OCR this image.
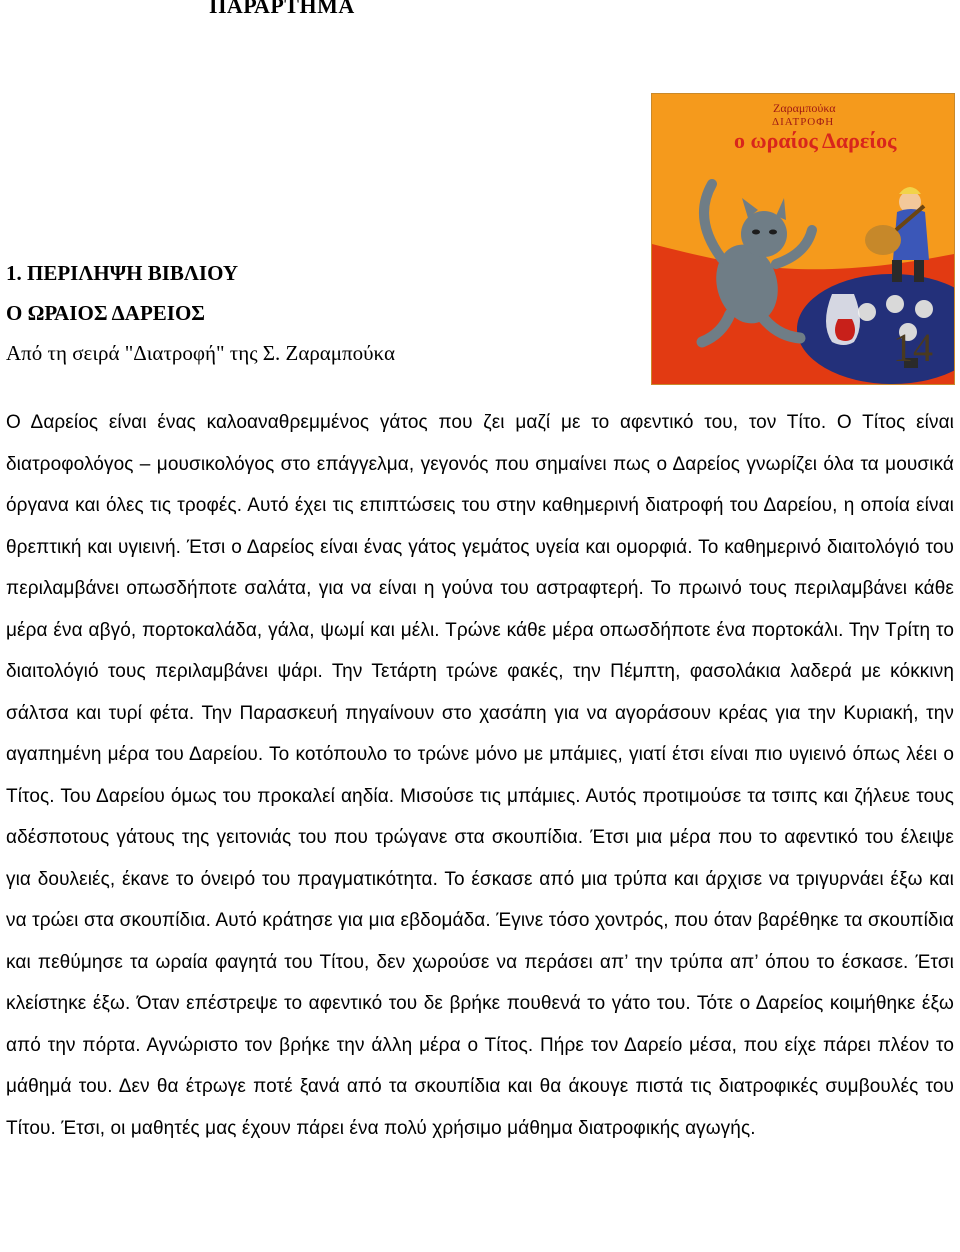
ΠΑΡΑΡΤΗΜΑ
1. ΠΕΡΙΛΗΨΗ ΒΙΒΛΙΟΥ
Ο ΩΡΑΙΟΣ ΔΑΡΕΙΟΣ

Από τη σειρά "Διατροφή" της Σ. Ζαραμπούκα

Ζαραμπούκα
ΔΙΑΤΡΟΦΗ
ο ωραίος Δαρείος
14

Ο Δαρείος είναι ένας καλοαναθρεμμένος γάτος που ζει μαζί με το αφεντικό του, τον Τίτο. Ο Τίτος είναι διατροφολόγος – μουσικολόγος στο επάγγελμα, γεγονός που σημαίνει πως ο Δαρείος γνωρίζει όλα τα μουσικά όργανα και όλες τις τροφές. Αυτό έχει τις επιπτώσεις του στην καθημερινή διατροφή του Δαρείου, η οποία είναι θρεπτική και υγιεινή. Έτσι ο Δαρείος είναι ένας γάτος γεμάτος υγεία και ομορφιά. Το καθημερινό διαιτολόγιό του περιλαμβάνει οπωσδήποτε σαλάτα, για να είναι η γούνα του αστραφτερή. Το πρωινό τους περιλαμβάνει κάθε μέρα ένα αβγό, πορτοκαλάδα, γάλα, ψωμί και μέλι. Τρώνε κάθε μέρα οπωσδήποτε ένα πορτοκάλι. Την Τρίτη το διαιτολόγιό τους περιλαμβάνει ψάρι. Την Τετάρτη τρώνε φακές, την Πέμπτη, φασολάκια λαδερά με κόκκινη σάλτσα και τυρί φέτα. Την Παρασκευή πηγαίνουν στο χασάπη για να αγοράσουν κρέας για την Κυριακή, την αγαπημένη μέρα του Δαρείου. Το κοτόπουλο το τρώνε μόνο με μπάμιες, γιατί έτσι είναι πιο υγιεινό όπως λέει ο Τίτος. Του Δαρείου όμως του προκαλεί αηδία. Μισούσε τις μπάμιες. Αυτός προτιμούσε τα τσιπς και ζήλευε τους αδέσποτους γάτους της γειτονιάς του που τρώγανε στα σκουπίδια. Έτσι μια μέρα που το αφεντικό του έλειψε για δουλειές, έκανε το όνειρό του πραγματικότητα. Το έσκασε από μια τρύπα και άρχισε να τριγυρνάει έξω και να τρώει στα σκουπίδια. Αυτό κράτησε για μια εβδομάδα. Έγινε τόσο χοντρός, που όταν βαρέθηκε τα σκουπίδια και πεθύμησε τα ωραία φαγητά του Τίτου, δεν χωρούσε να περάσει απ’ την τρύπα απ’ όπου το έσκασε. Έτσι κλείστηκε έξω. Όταν επέστρεψε το αφεντικό του δε βρήκε πουθενά το γάτο του. Τότε ο Δαρείος κοιμήθηκε έξω από την πόρτα. Αγνώριστο τον βρήκε την άλλη μέρα ο Τίτος. Πήρε τον Δαρείο μέσα, που είχε πάρει πλέον το μάθημά του. Δεν θα έτρωγε ποτέ ξανά από τα σκουπίδια και θα άκουγε πιστά τις διατροφικές συμβουλές του Τίτου. Έτσι, οι μαθητές μας έχουν πάρει ένα πολύ χρήσιμο μάθημα διατροφικής αγωγής.
